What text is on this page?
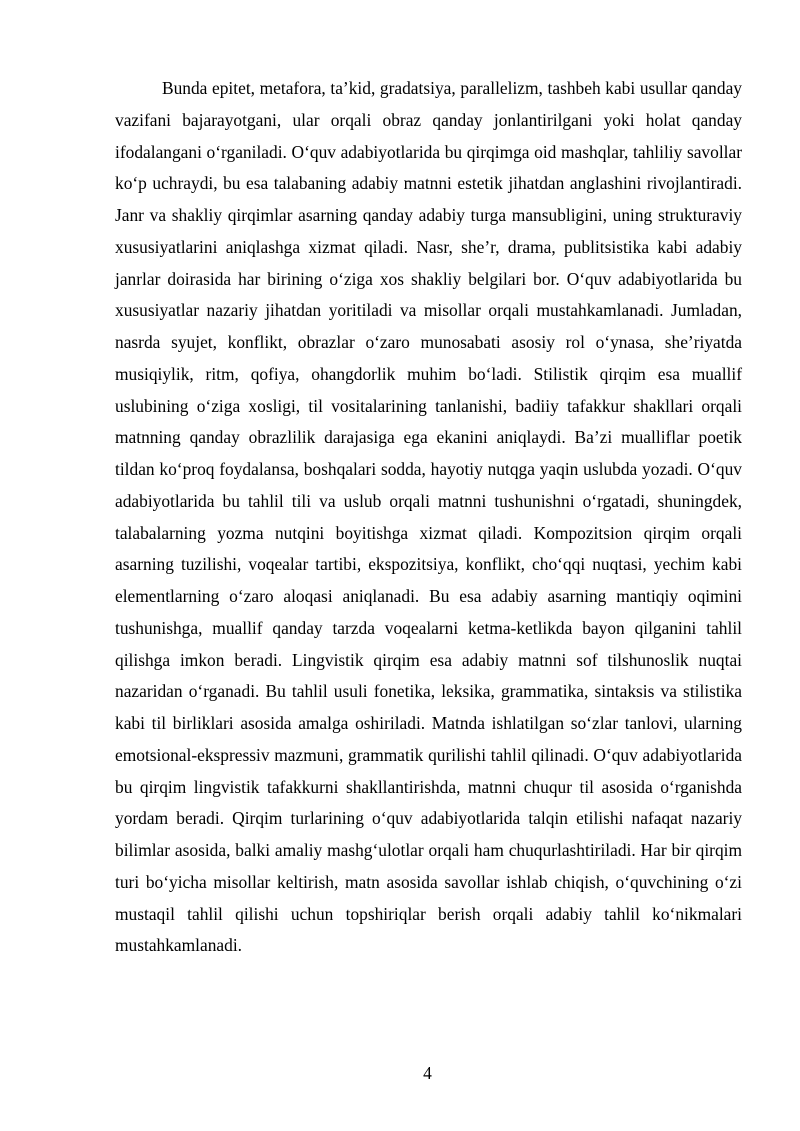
Bunda epitet, metafora, ta’kid, gradatsiya, parallelizm, tashbeh kabi usullar qanday vazifani bajarayotgani, ular orqali obraz qanday jonlantirilgani yoki holat qanday ifodalangani oʻrganiladi. Oʻquv adabiyotlarida bu qirqimga oid mashqlar, tahliliy savollar koʻp uchraydi, bu esa talabaning adabiy matnni estetik jihatdan anglashini rivojlantiradi. Janr va shakliy qirqimlar asarning qanday adabiy turga mansubligini, uning strukturaviy xususiyatlarini aniqlashga xizmat qiladi. Nasr, she’r, drama, publitsistika kabi adabiy janrlar doirasida har birining oʻziga xos shakliy belgilari bor. Oʻquv adabiyotlarida bu xususiyatlar nazariy jihatdan yoritiladi va misollar orqali mustahkamlanadi. Jumladan, nasrda syujet, konflikt, obrazlar oʻzaro munosabati asosiy rol oʻynasa, she’riyatda musiqiylik, ritm, qofiya, ohangdorlik muhim boʻladi. Stilistik qirqim esa muallif uslubining oʻziga xosligi, til vositalarining tanlanishi, badiiy tafakkur shakllari orqali matnning qanday obrazlilik darajasiga ega ekanini aniqlaydi. Ba’zi mualliflar poetik tildan koʻproq foydalansa, boshqalari sodda, hayotiy nutqga yaqin uslubda yozadi. Oʻquv adabiyotlarida bu tahlil tili va uslub orqali matnni tushunishni oʻrgatadi, shuningdek, talabalarning yozma nutqini boyitishga xizmat qiladi. Kompozitsion qirqim orqali asarning tuzilishi, voqealar tartibi, ekspozitsiya, konflikt, choʻqqi nuqtasi, yechim kabi elementlarning oʻzaro aloqasi aniqlanadi. Bu esa adabiy asarning mantiqiy oqimini tushunishga, muallif qanday tarzda voqealarni ketma-ketlikda bayon qilganini tahlil qilishga imkon beradi. Lingvistik qirqim esa adabiy matnni sof tilshunoslik nuqtai nazaridan oʻrganadi. Bu tahlil usuli fonetika, leksika, grammatika, sintaksis va stilistika kabi til birliklari asosida amalga oshiriladi. Matnda ishlatilgan soʻzlar tanlovi, ularning emotsional-ekspressiv mazmuni, grammatik qurilishi tahlil qilinadi. Oʻquv adabiyotlarida bu qirqim lingvistik tafakkurni shakllantirishda, matnni chuqur til asosida oʻrganishda yordam beradi. Qirqim turlarining oʻquv adabiyotlarida talqin etilishi nafaqat nazariy bilimlar asosida, balki amaliy mashgʻulotlar orqali ham chuqurlashtiriladi. Har bir qirqim turi boʻyicha misollar keltirish, matn asosida savollar ishlab chiqish, oʻquvchining oʻzi mustaqil tahlil qilishi uchun topshiriqlar berish orqali adabiy tahlil koʻnikmalari mustahkamlanadi.

4
